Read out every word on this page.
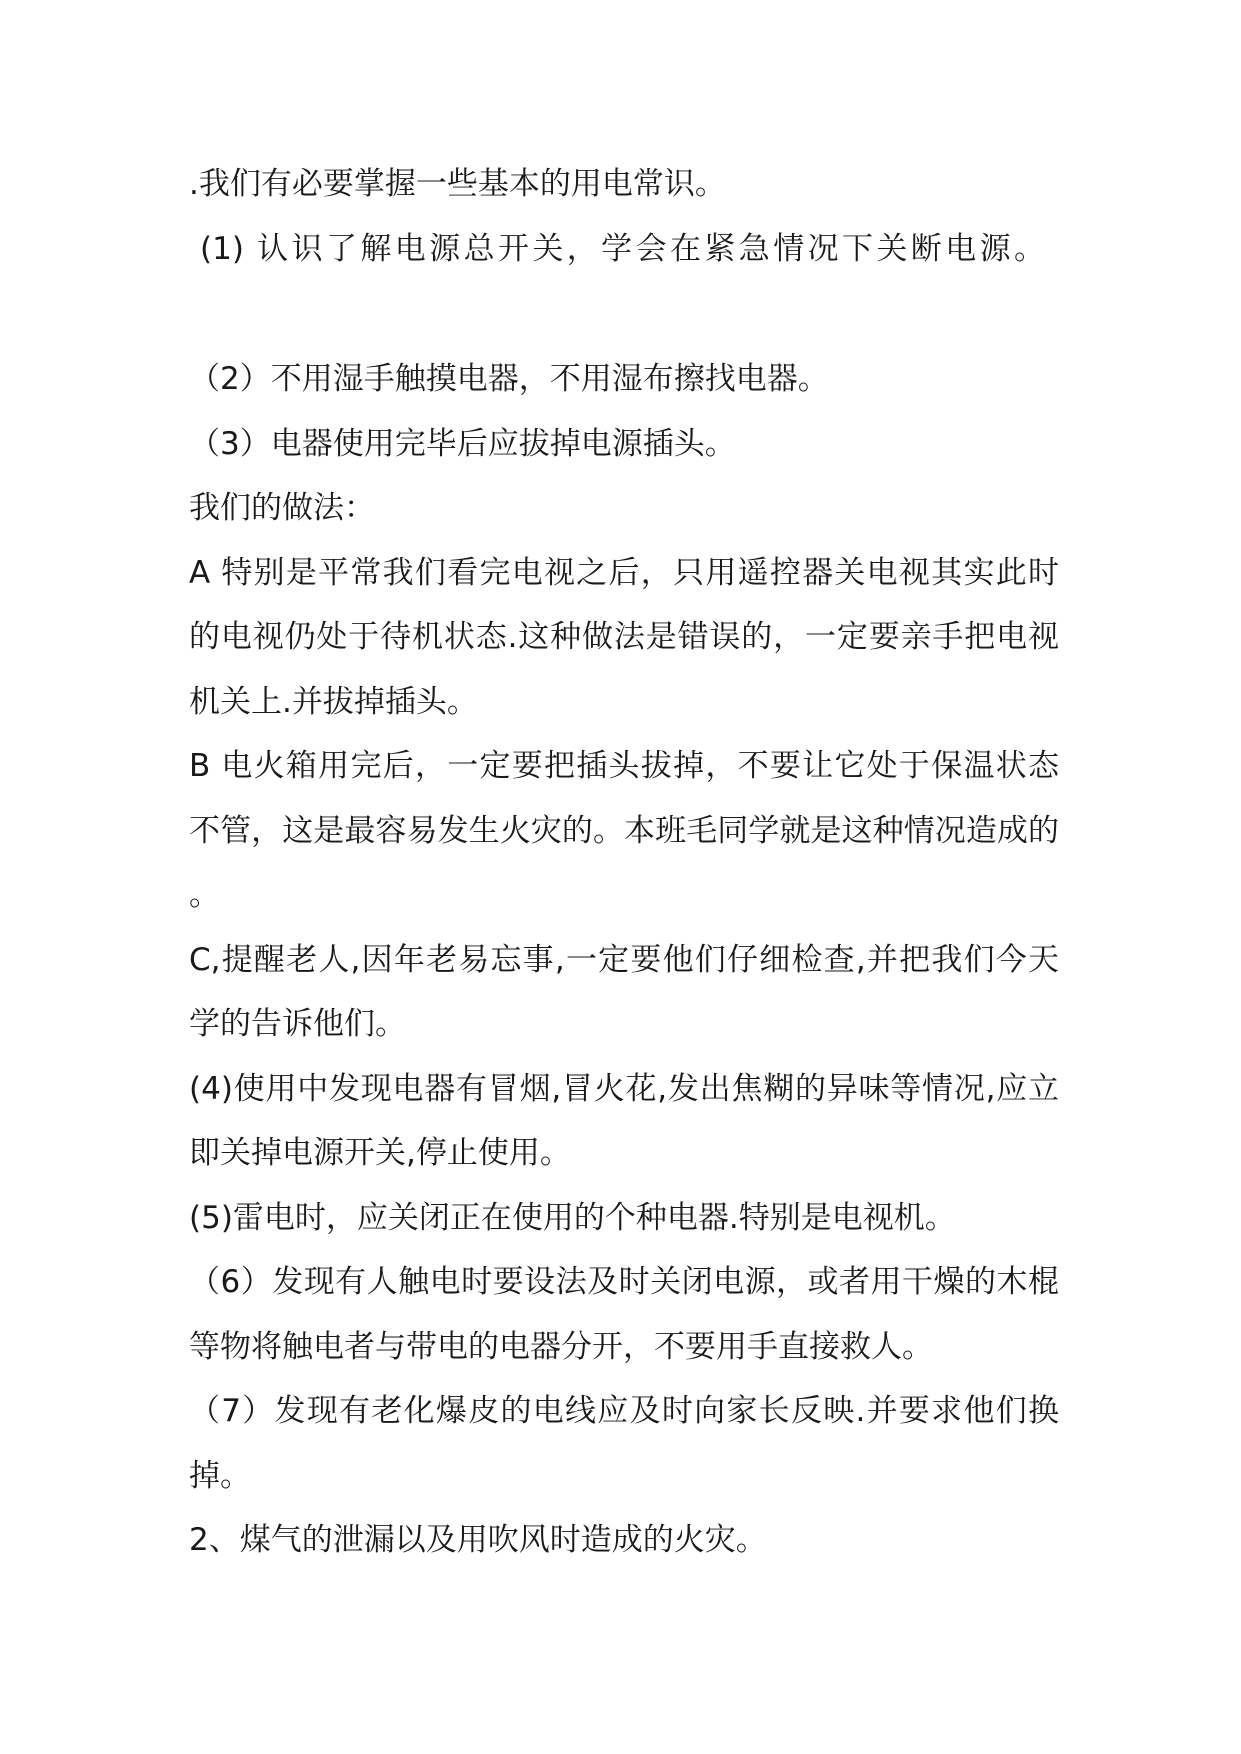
.我们有必要掌握一些基本的用电常识。
(1) 认识了解电源总开关，学会在紧急情况下关断电源。
（2）不用湿手触摸电器，不用湿布擦找电器。
（3）电器使用完毕后应拔掉电源插头。
我们的做法：
A 特别是平常我们看完电视之后，只用遥控器关电视其实此时
的电视仍处于待机状态.这种做法是错误的，一定要亲手把电视
机关上.并拔掉插头。
B 电火箱用完后，一定要把插头拔掉，不要让它处于保温状态
不管，这是最容易发生火灾的。本班毛同学就是这种情况造成的
。
C,提醒老人,因年老易忘事,一定要他们仔细检查,并把我们今天
学的告诉他们。
(4)使用中发现电器有冒烟,冒火花,发出焦糊的异味等情况,应立
即关掉电源开关,停止使用。
(5)雷电时，应关闭正在使用的个种电器.特别是电视机。
（6）发现有人触电时要设法及时关闭电源，或者用干燥的木棍
等物将触电者与带电的电器分开，不要用手直接救人。
（7）发现有老化爆皮的电线应及时向家长反映.并要求他们换
掉。
2、煤气的泄漏以及用吹风时造成的火灾。
